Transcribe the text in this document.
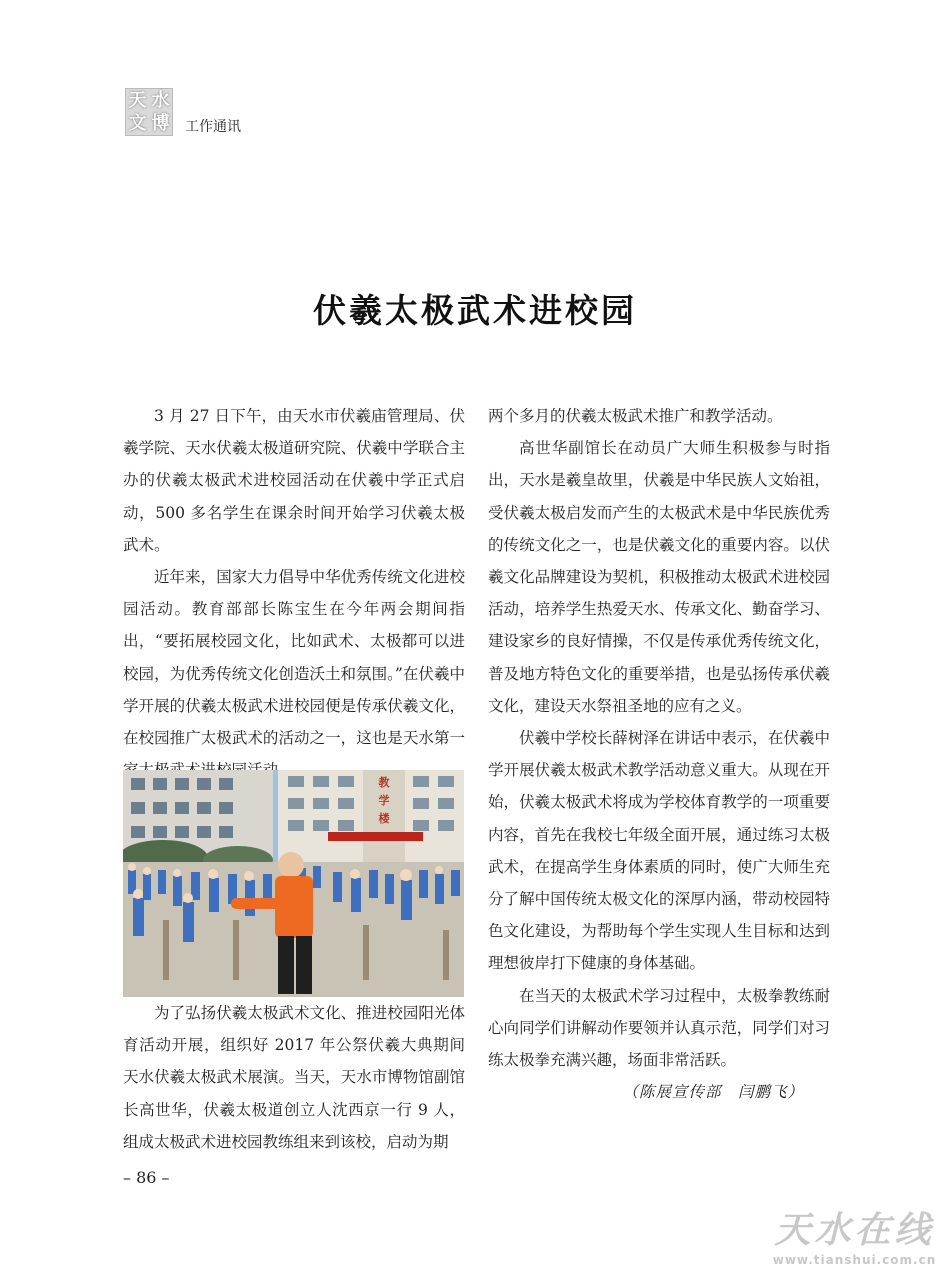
天 水
文 博 工作通讯
伏羲太极武术进校园

3 月 27 日下午，由天水市伏羲庙管理局、伏羲学院、天水伏羲太极道研究院、伏羲中学联合主办的伏羲太极武术进校园活动在伏羲中学正式启动，500 多名学生在课余时间开始学习伏羲太极武术。

近年来，国家大力倡导中华优秀传统文化进校园活动。教育部部长陈宝生在今年两会期间指出，“要拓展校园文化，比如武术、太极都可以进校园，为优秀传统文化创造沃土和氛围。”在伏羲中学开展的伏羲太极武术进校园便是传承伏羲文化，在校园推广太极武术的活动之一，这也是天水第一

教
学
楼

为了弘扬伏羲太极武术文化、推进校园阳光体育活动开展，组织好 2017 年公祭伏羲大典期间天水伏羲太极武术展演。当天，天水市博物馆副馆长高世华，伏羲太极道创立人沈西京一行 9 人，组成太极武术进校园教练组来到该校，启动为期

两个多月的伏羲太极武术推广和教学活动。

高世华副馆长在动员广大师生积极参与时指出，天水是羲皇故里，伏羲是中华民族人文始祖，受伏羲太极启发而产生的太极武术是中华民族优秀的传统文化之一，也是伏羲文化的重要内容。以伏羲文化品牌建设为契机，积极推动太极武术进校园活动，培养学生热爱天水、传承文化、勤奋学习、建设家乡的良好情操，不仅是传承优秀传统文化，普及地方特色文化的重要举措，也是弘扬传承伏羲文化，建设天水祭祖圣地的应有之义。

伏羲中学校长薛树泽在讲话中表示，在伏羲中学开展伏羲太极武术教学活动意义重大。从现在开始，伏羲太极武术将成为学校体育教学的一项重要内容，首先在我校七年级全面开展，通过练习太极武术，在提高学生身体素质的同时，使广大师生充分了解中国传统太极文化的深厚内涵，带动校园特色文化建设，为帮助每个学生实现人生目标和达到理想彼岸打下健康的身体基础。

在当天的太极武术学习过程中，太极拳教练耐心向同学们讲解动作要领并认真示范，同学们对习练太极拳充满兴趣，场面非常活跃。

（陈展宣传部　闫鹏飞）

– 86 –
天水在线
www.tianshui.com.cn
